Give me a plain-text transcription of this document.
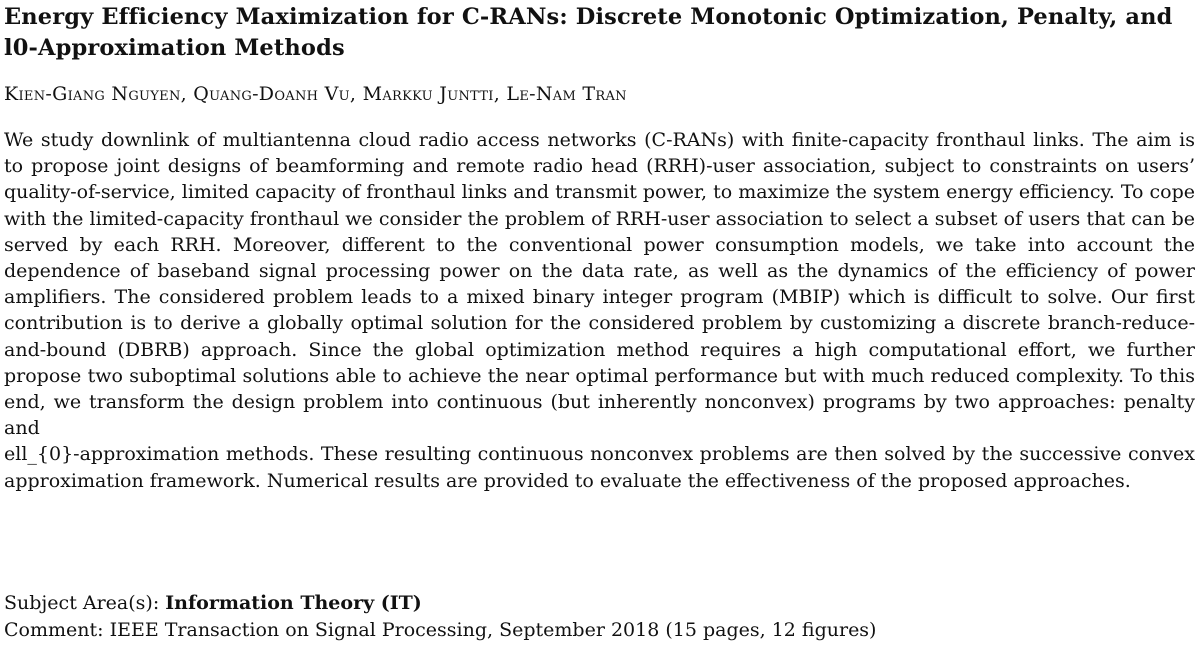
Energy Efficiency Maximization for C-RANs: Discrete Monotonic Optimization, Penalty, and l0-Approximation Methods
Kien-Giang Nguyen, Quang-Doanh Vu, Markku Juntti, Le-Nam Tran

We study downlink of multiantenna cloud radio access networks (C-RANs) with finite-capacity fronthaul links. The aim is to propose joint designs of beamforming and remote radio head (RRH)-user association, subject to constraints on users’ quality-of-service, limited capacity of fronthaul links and transmit power, to maximize the system energy efficiency. To cope with the limited-capacity fronthaul we consider the problem of RRH-user association to select a subset of users that can be served by each RRH. Moreover, different to the conventional power consumption models, we take into account the dependence of baseband signal processing power on the data rate, as well as the dynamics of the efficiency of power amplifiers. The considered problem leads to a mixed binary integer program (MBIP) which is difficult to solve. Our first contribution is to derive a globally optimal solution for the considered problem by customizing a discrete branch-reduce-and-bound (DBRB) approach. Since the global optimization method requires a high computational effort, we further propose two suboptimal solutions able to achieve the near optimal performance but with much reduced complexity. To this end, we transform the design problem into continuous (but inherently nonconvex) programs by two approaches: penalty and
ell_{0}-approximation methods. These resulting continuous nonconvex problems are then solved by the successive convex approximation framework. Numerical results are provided to evaluate the effectiveness of the proposed approaches.

Subject Area(s): Information Theory (IT)
Comment: IEEE Transaction on Signal Processing, September 2018 (15 pages, 12 figures)
